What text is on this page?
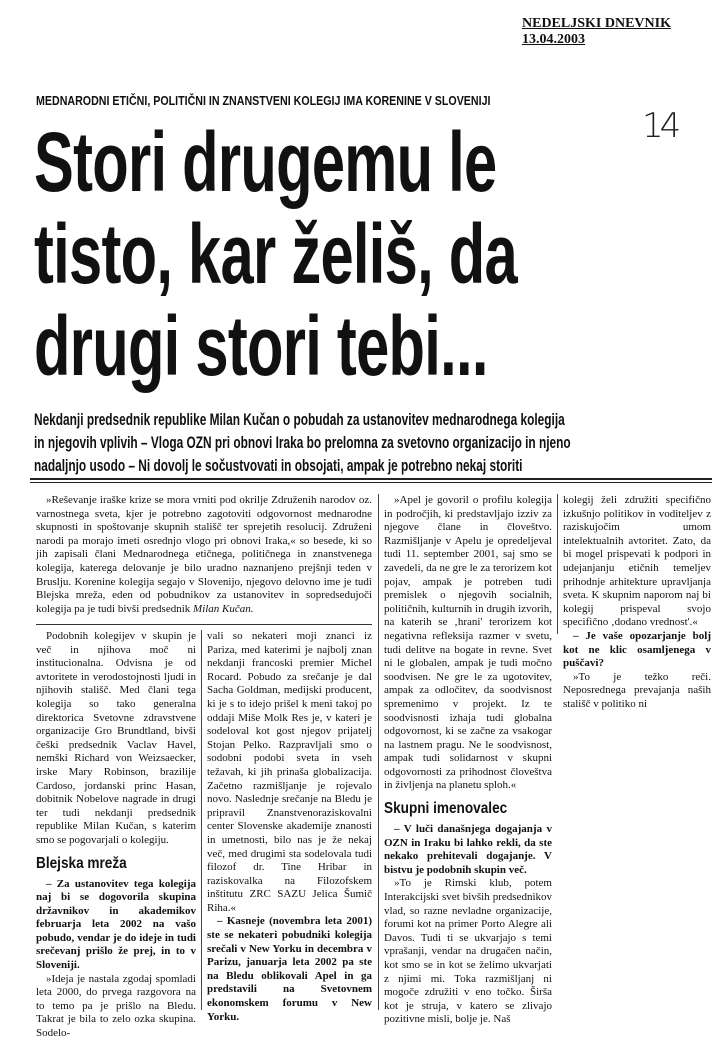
NEDELJSKI DNEVNIK
13.04.2003
14
MEDNARODNI ETIČNI, POLITIČNI IN ZNANSTVENI KOLEGIJ IMA KORENINE V SLOVENIJI
Stori drugemu le
tisto, kar želiš, da
drugi stori tebi...
Nekdanji predsednik republike Milan Kučan o pobudah za ustanovitev mednarodnega kolegija
in njegovih vplivih – Vloga OZN pri obnovi Iraka bo prelomna za svetovno organizacijo in njeno
nadaljnjo usodo – Ni dovolj le sočustvovati in obsojati, ampak je potrebno nekaj storiti

»Reševanje iraške krize se mora vrniti pod okrilje Združenih narodov oz. varnostnega sveta, kjer je potrebno zagotoviti odgovornost mednarodne skupnosti in spoštovanje skupnih stališč ter sprejetih resolucij. Združeni narodi pa morajo imeti osrednjo vlogo pri obnovi Iraka,« so besede, ki so jih zapisali člani Mednarodnega etičnega, političnega in znanstvenega kolegija, katerega delovanje je bilo uradno naznanjeno prejšnji teden v Bruslju. Korenine kolegija segajo v Slovenijo, njegovo delovno ime je tudi Blejska mreža, eden od pobudnikov za ustanovitev in sopredsedujoči kolegija pa je tudi bivši predsednik Milan Kučan.

Podobnih kolegijev v skupin je več in njihova moč ni institucionalna. Odvisna je od avtoritete in verodostojnosti ljudi in njihovih stališč. Med člani tega kolegija so tako generalna direktorica Svetovne zdravstvene organizacije Gro Brundtland, bivši češki predsednik Vaclav Havel, nemški Richard von Weizsaecker, irske Mary Robinson, brazilije Cardoso, jordanski princ Hasan, dobitnik Nobelove nagrade in drugi ter tudi nekdanji predsednik republike Milan Kučan, s katerim smo se pogovarjali o kolegiju.

Blejska mreža

– Za ustanovitev tega kolegija naj bi se dogovorila skupina državnikov in akademikov februarja leta 2002 na vašo pobudo, vendar je do ideje in tudi srečevanj prišlo že prej, in to v Sloveniji.

»Ideja je nastala zgodaj spomladi leta 2000, do prvega razgovora na to temo pa je prišlo na Bledu. Takrat je bila to zelo ozka skupina. Sodelo-

vali so nekateri moji znanci iz Pariza, med katerimi je najbolj znan nekdanji francoski premier Michel Rocard. Pobudo za srečanje je dal Sacha Goldman, medijski producent, ki je s to idejo prišel k meni takoj po oddaji Miše Molk Res je, v kateri je sodeloval kot gost njegov prijatelj Stojan Pelko. Razpravljali smo o sodobni podobi sveta in vseh težavah, ki jih prinaša globalizacija. Začetno razmišljanje je rojevalo novo. Naslednje srečanje na Bledu je pripravil Znanstvenoraziskovalni center Slovenske akademije znanosti in umetnosti, bilo nas je že nekaj več, med drugimi sta sodelovala tudi filozof dr. Tine Hribar in raziskovalka na Filozofskem inštitutu ZRC SAZU Jelica Šumič Riha.«

– Kasneje (novembra leta 2001) ste se nekateri pobudniki kolegija srečali v New Yorku in decembra v Parizu, januarja leta 2002 pa ste na Bledu oblikovali Apel in ga predstavili na Svetovnem ekonomskem forumu v New Yorku.

»Apel je govoril o profilu kolegija in področjih, ki predstavljajo izziv za njegove člane in človeštvo. Razmišljanje v Apelu je opredeljeval tudi 11. september 2001, saj smo se zavedeli, da ne gre le za terorizem kot pojav, ampak je potreben tudi premislek o njegovih socialnih, političnih, kulturnih in drugih izvorih, na katerih se ‚hrani' terorizem kot negativna refleksija razmer v svetu, tudi delitve na bogate in revne. Svet ni le globalen, ampak je tudi močno soodvisen. Ne gre le za ugotovitev, ampak za odločitev, da soodvisnost spremenimo v projekt. Iz te soodvisnosti izhaja tudi globalna odgovornost, ki se začne za vsakogar na lastnem pragu. Ne le soodvisnost, ampak tudi solidarnost v skupni odgovornosti za prihodnost človeštva in življenja na planetu sploh.«

Skupni imenovalec

– V luči današnjega dogajanja v OZN in Iraku bi lahko rekli, da ste nekako prehitevali dogajanje. V bistvu je podobnih skupin več.

»To je Rimski klub, potem Interakcijski svet bivših predsednikov vlad, so razne nevladne organizacije, forumi kot na primer Porto Alegre ali Davos. Tudi ti se ukvarjajo s temi vprašanji, vendar na drugačen način, kot smo se in kot se želimo ukvarjati z njimi mi. Toka razmišljanj ni mogoče združiti v eno točko. Širša kot je struja, v katero se zlivajo pozitivne misli, bolje je. Naš

kolegij želi združiti specifično izkušnjo politikov in voditeljev z raziskujočim umom intelektualnih avtoritet. Zato, da bi mogel prispevati k podpori in udejanjanju etičnih temeljev prihodnje arhitekture upravljanja sveta. K skupnim naporom naj bi kolegij prispeval svojo specifično ‚dodano vrednost'.«

– Je vaše opozarjanje bolj kot ne klic osamljenega v puščavi?

»To je težko reči. Neposrednega prevajanja naših stališč v politiko ni
